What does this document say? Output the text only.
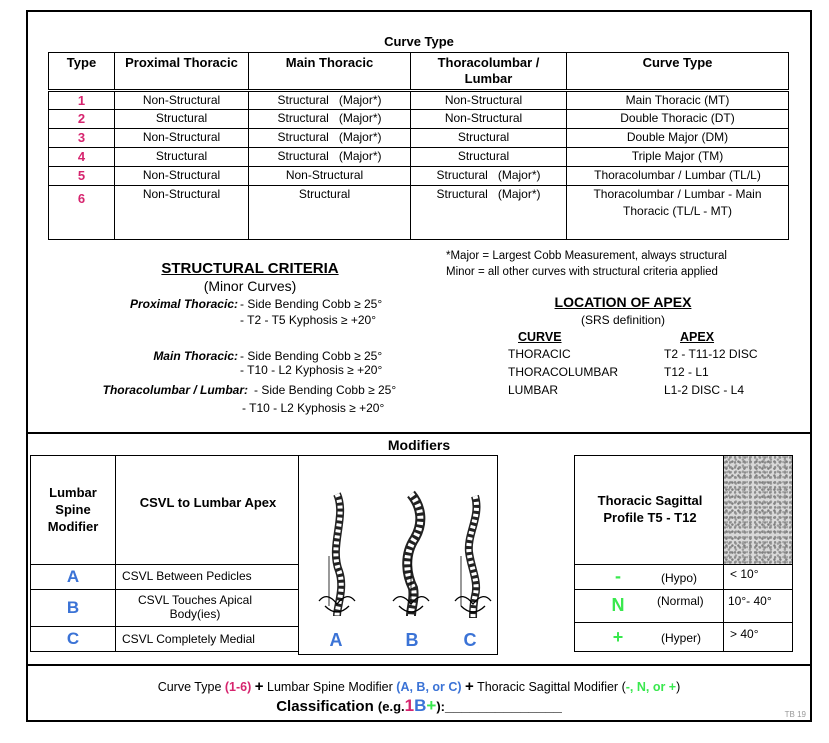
Curve Type
Type	Proximal Thoracic	Main Thoracic	Thoracolumbar / Lumbar	Curve Type
1	Non-Structural	Structural (Major*)	Non-Structural	Main Thoracic (MT)
2	Structural	Structural (Major*)	Non-Structural	Double Thoracic (DT)
3	Non-Structural	Structural (Major*)	Structural	Double Major (DM)
4	Structural	Structural (Major*)	Structural	Triple Major (TM)
5	Non-Structural	Non-Structural	Structural (Major*)	Thoracolumbar / Lumbar (TL/L)
6	Non-Structural	Structural	Structural (Major*)	Thoracolumbar / Lumbar - Main Thoracic (TL/L - MT)
*Major = Largest Cobb Measurement, always structural
Minor = all other curves with structural criteria applied
STRUCTURAL CRITERIA
(Minor Curves)
Proximal Thoracic: - Side Bending Cobb ≥ 25°
- T2 - T5 Kyphosis ≥ +20°
Main Thoracic: - Side Bending Cobb ≥ 25°
- T10 - L2 Kyphosis ≥ +20°
Thoracolumbar / Lumbar: - Side Bending Cobb ≥ 25°
- T10 - L2 Kyphosis ≥ +20°
LOCATION OF APEX
(SRS definition)
CURVE	APEX
THORACIC	T2 - T11-12 DISC
THORACOLUMBAR	T12 - L1
LUMBAR	L1-2 DISC - L4
Modifiers
Lumbar Spine Modifier
CSVL to Lumbar Apex
A	B	C
A	CSVL Between Pedicles
B	CSVL Touches Apical Body(ies)
C	CSVL Completely Medial
Thoracic Sagittal Profile T5 - T12
-	(Hypo)	< 10°
N	(Normal) 10°- 40°
+	(Hyper) > 40°
Curve Type (1-6) + Lumbar Spine Modifier (A, B, or C) + Thoracic Sagittal Modifier (-, N, or +)
Classification (e.g.1B+):______________	TB 19
